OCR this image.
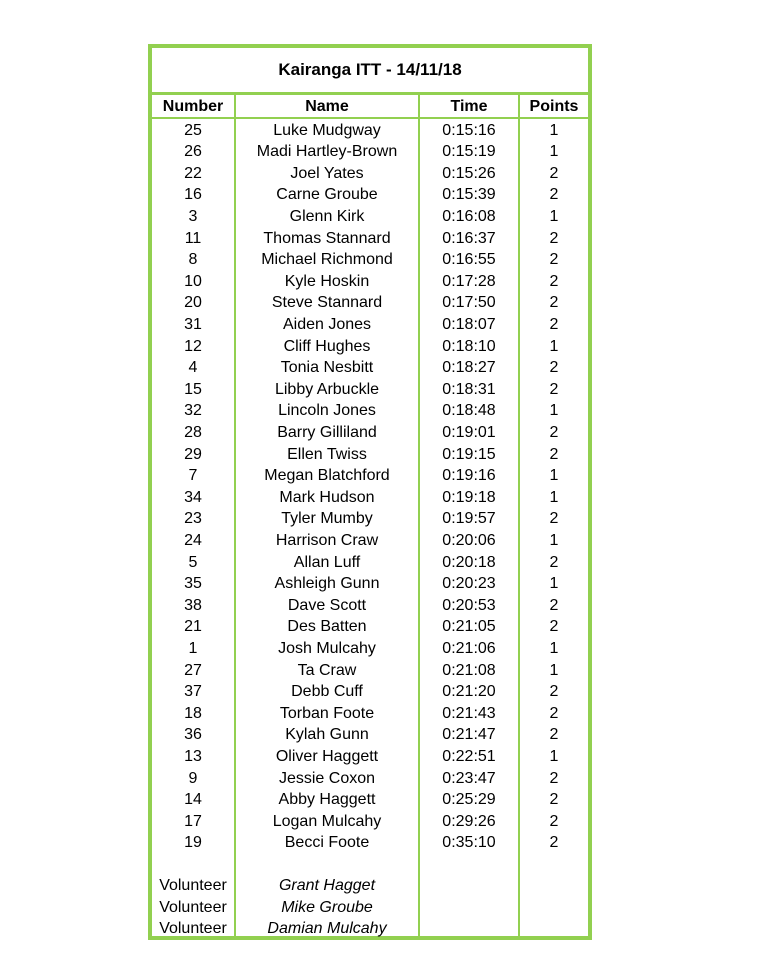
Kairanga ITT - 14/11/18
Number	Name	Time	Points
25	Luke Mudgway	0:15:16	1
26	Madi Hartley-Brown	0:15:19	1
22	Joel Yates	0:15:26	2
16	Carne Groube	0:15:39	2
3	Glenn Kirk	0:16:08	1
11	Thomas Stannard	0:16:37	2
8	Michael Richmond	0:16:55	2
10	Kyle Hoskin	0:17:28	2
20	Steve Stannard	0:17:50	2
31	Aiden Jones	0:18:07	2
12	Cliff Hughes	0:18:10	1
4	Tonia Nesbitt	0:18:27	2
15	Libby Arbuckle	0:18:31	2
32	Lincoln Jones	0:18:48	1
28	Barry Gilliland	0:19:01	2
29	Ellen Twiss	0:19:15	2
7	Megan Blatchford	0:19:16	1
34	Mark Hudson	0:19:18	1
23	Tyler Mumby	0:19:57	2
24	Harrison Craw	0:20:06	1
5	Allan Luff	0:20:18	2
35	Ashleigh Gunn	0:20:23	1
38	Dave Scott	0:20:53	2
21	Des Batten	0:21:05	2
1	Josh Mulcahy	0:21:06	1
27	Ta Craw	0:21:08	1
37	Debb Cuff	0:21:20	2
18	Torban Foote	0:21:43	2
36	Kylah Gunn	0:21:47	2
13	Oliver Haggett	0:22:51	1
9	Jessie Coxon	0:23:47	2
14	Abby Haggett	0:25:29	2
17	Logan Mulcahy	0:29:26	2
19	Becci Foote	0:35:10	2
Volunteer	Grant Hagget
Volunteer	Mike Groube
Volunteer	Damian Mulcahy
